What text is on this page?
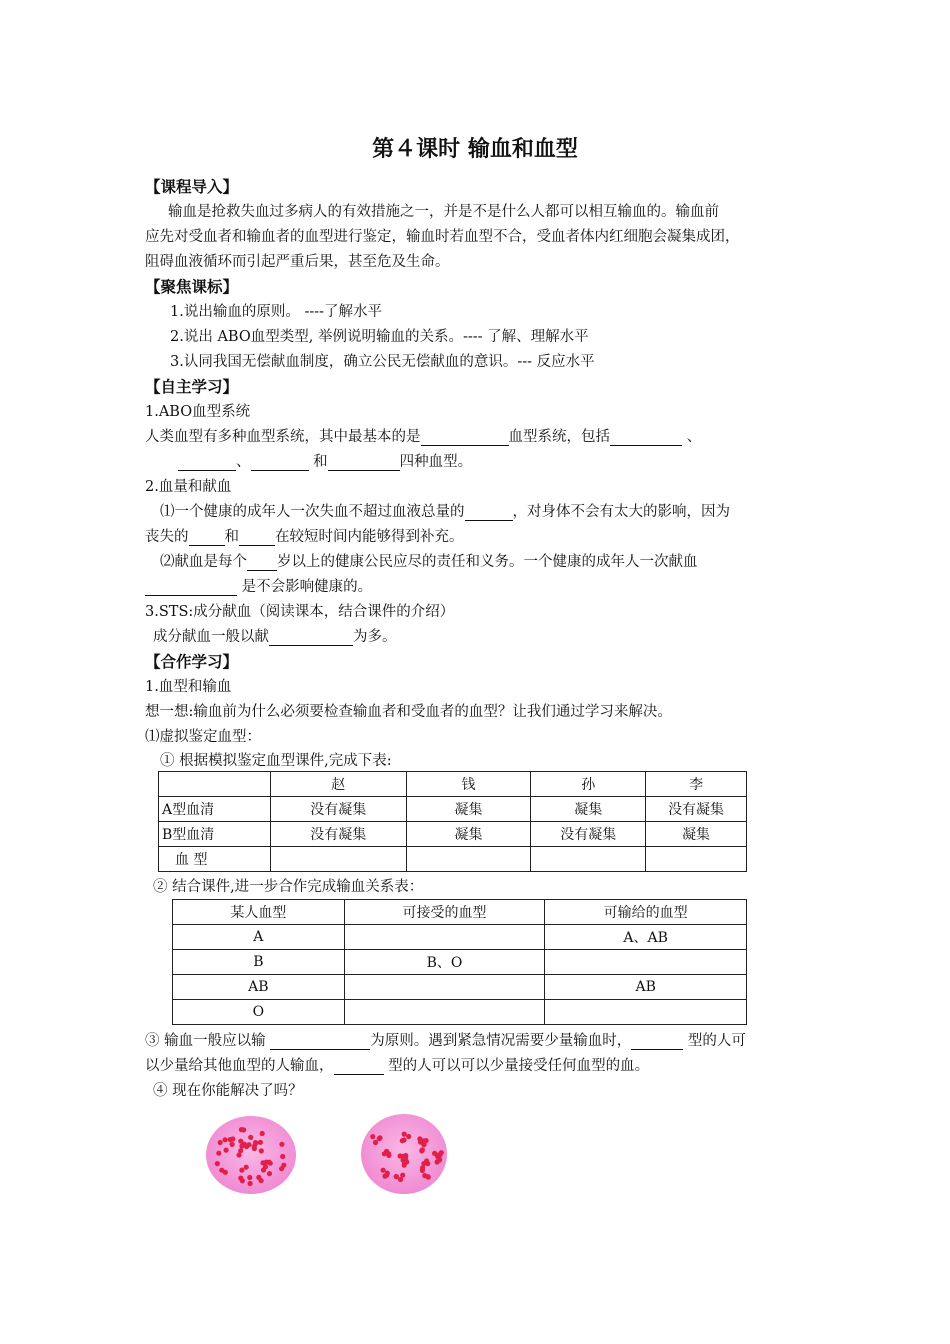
第４课时 输血和血型
【课程导入】
输血是抢救失血过多病人的有效措施之一，并是不是什么人都可以相互输血的。输血前
应先对受血者和输血者的血型进行鉴定，输血时若血型不合，受血者体内红细胞会凝集成团，
阻碍血液循环而引起严重后果，甚至危及生命。
【聚焦课标】
1.说出输血的原则。 ----了解水平
2.说出 ABO血型类型, 举例说明输血的关系。---- 了解、理解水平
3.认同我国无偿献血制度，确立公民无偿献血的意识。--- 反应水平
【自主学习】
1.ABO血型系统
人类血型有多种血型系统，其中最基本的是	血型系统，包括	、
、	和	四种血型。
2.血量和献血
⑴一个健康的成年人一次失血不超过血液总量的	，对身体不会有太大的影响，因为
丧失的 和 在较短时间内能够得到补充。
⑵献血是每个 岁以上的健康公民应尽的责任和义务。一个健康的成年人一次献血
是不会影响健康的。
3.STS:成分献血（阅读课本，结合课件的介绍）
成分献血一般以献	为多。
【合作学习】
1.血型和输血
想一想:输血前为什么必须要检查输血者和受血者的血型？让我们通过学习来解决。
⑴虚拟鉴定血型：
① 根据模拟鉴定血型课件,完成下表:
	赵	钱	孙	李
A型血清	没有凝集	凝集	凝集	没有凝集
B型血清	没有凝集	凝集	没有凝集	凝集
血 型				
② 结合课件,进一步合作完成输血关系表：
某人血型	可接受的血型	可输给的血型
A		A、AB
B	B、O	
AB		AB
O		
③ 输血一般应以输	为原则。遇到紧急情况需要少量输血时，	型的人可
以少量给其他血型的人输血，	型的人可以可以少量接受任何血型的血。
④ 现在你能解决了吗？
